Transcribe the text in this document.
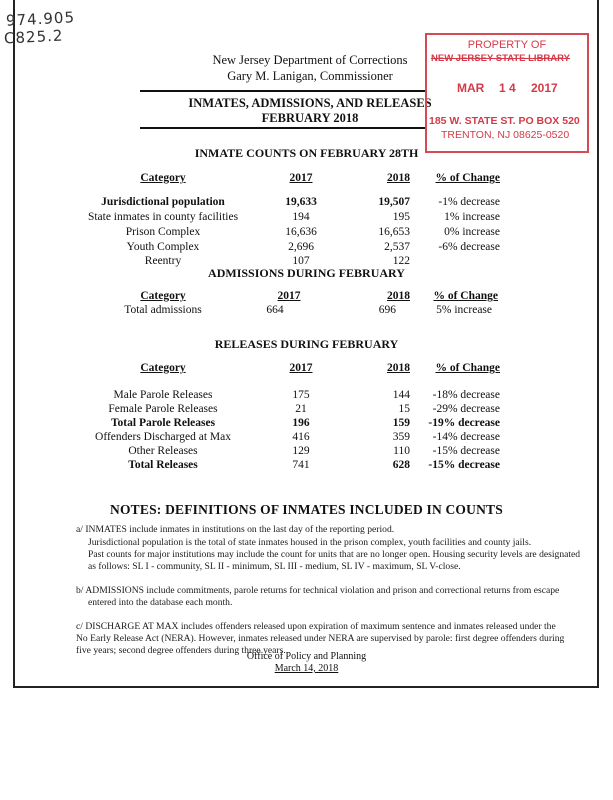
974.905
C825.2
New Jersey Department of Corrections
Gary M. Lanigan, Commissioner
INMATES, ADMISSIONS, AND RELEASES
FEBRUARY 2018
PROPERTY OF
NEW JERSEY STATE LIBRARY
MAR 1 4 2017
185 W. STATE ST. PO BOX 520
TRENTON, NJ 08625-0520
INMATE COUNTS ON FEBRUARY 28TH
Category	2017	2018	% of Change
Jurisdictional population	19,633	19,507	-1% decrease
State inmates in county facilities	194	195	1% increase
Prison Complex	16,636	16,653	0% increase
Youth Complex	2,696	2,537	-6% decrease
Reentry	107	122
ADMISSIONS DURING FEBRUARY
Category	2017	2018	% of Change
Total admissions	664	696	5% increase
RELEASES DURING FEBRUARY
Category	2017	2018	% of Change
Male Parole Releases	175	144	-18% decrease
Female Parole Releases	21	15	-29% decrease
Total Parole Releases	196	159	-19% decrease
Offenders Discharged at Max	416	359	-14% decrease
Other Releases	129	110	-15% decrease
Total Releases	741	628	-15% decrease
NOTES: DEFINITIONS OF INMATES INCLUDED IN COUNTS
a/ INMATES include inmates in institutions on the last day of the reporting period.
Jurisdictional population is the total of state inmates housed in the prison complex, youth facilities and county jails.
Past counts for major institutions may include the count for units that are no longer open. Housing security levels are designated
as follows: SL I - community, SL II - minimum, SL III - medium, SL IV - maximum, SL V-close.
b/ ADMISSIONS include commitments, parole returns for technical violation and prison and correctional returns from escape
entered into the database each month.
c/ DISCHARGE AT MAX includes offenders released upon expiration of maximum sentence and inmates released under the
No Early Release Act (NERA). However, inmates released under NERA are supervised by parole: first degree offenders during
five years; second degree offenders during three years.
Office of Policy and Planning
March 14, 2018
